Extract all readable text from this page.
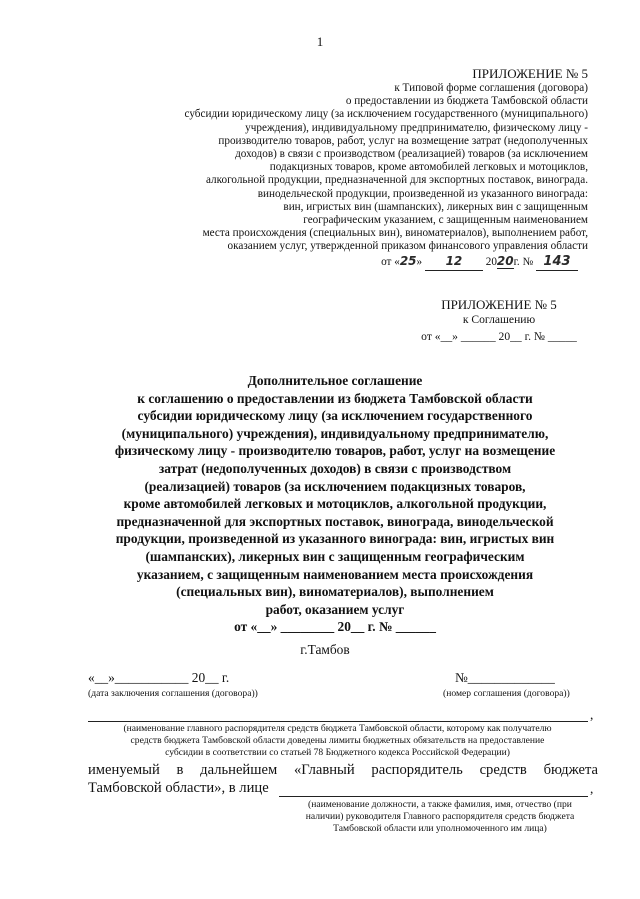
1
ПРИЛОЖЕНИЕ № 5
к Типовой форме соглашения (договора)
о предоставлении из бюджета Тамбовской области
субсидии юридическому лицу (за исключением государственного (муниципального)
учреждения), индивидуальному предпринимателю, физическому лицу -
производителю товаров, работ, услуг на возмещение затрат (недополученных
доходов) в связи с производством (реализацией) товаров (за исключением
подакцизных товаров, кроме автомобилей легковых и мотоциклов,
алкогольной продукции, предназначенной для экспортных поставок, винограда.
винодельческой продукции, произведенной из указанного винограда:
вин, игристых вин (шампанских), ликерных вин с защищенным
географическим указанием, с защищенным наименованием
места происхождения (специальных вин), виноматериалов), выполнением работ,
оказанием услуг, утвержденной приказом финансового управления области
от «25» 12 2020г. № 143
ПРИЛОЖЕНИЕ № 5
к Соглашению
от «__» ______ 20__ г. № _____
Дополнительное соглашение
к соглашению о предоставлении из бюджета Тамбовской области
субсидии юридическому лицу (за исключением государственного
(муниципального) учреждения), индивидуальному предпринимателю,
физическому лицу - производителю товаров, работ, услуг на возмещение
затрат (недополученных доходов) в связи с производством
(реализацией) товаров (за исключением подакцизных товаров,
кроме автомобилей легковых и мотоциклов, алкогольной продукции,
предназначенной для экспортных поставок, винограда, винодельческой
продукции, произведенной из указанного винограда: вин, игристых вин
(шампанских), ликерных вин с защищенным географическим
указанием, с защищенным наименованием места происхождения
(специальных вин), виноматериалов), выполнением
работ, оказанием услуг
от «__» ________ 20__ г. № ______
г.Тамбов
«__»___________ 20__ г.
(дата заключения соглашения (договора))
№_____________
(номер соглашения (договора))
,
(наименование главного распорядителя средств бюджета Тамбовской области, которому как получателю
средств бюджета Тамбовской области доведены лимиты бюджетных обязательств на предоставление
субсидии в соответствии со статьей 78 Бюджетного кодекса Российской Федерации)
именуемый в дальнейшем «Главный распорядитель средств бюджета
Тамбовской области», в лице	,
(наименование должности, а также фамилия, имя, отчество (при
наличии) руководителя Главного распорядителя средств бюджета
Тамбовской области или уполномоченного им лица)
